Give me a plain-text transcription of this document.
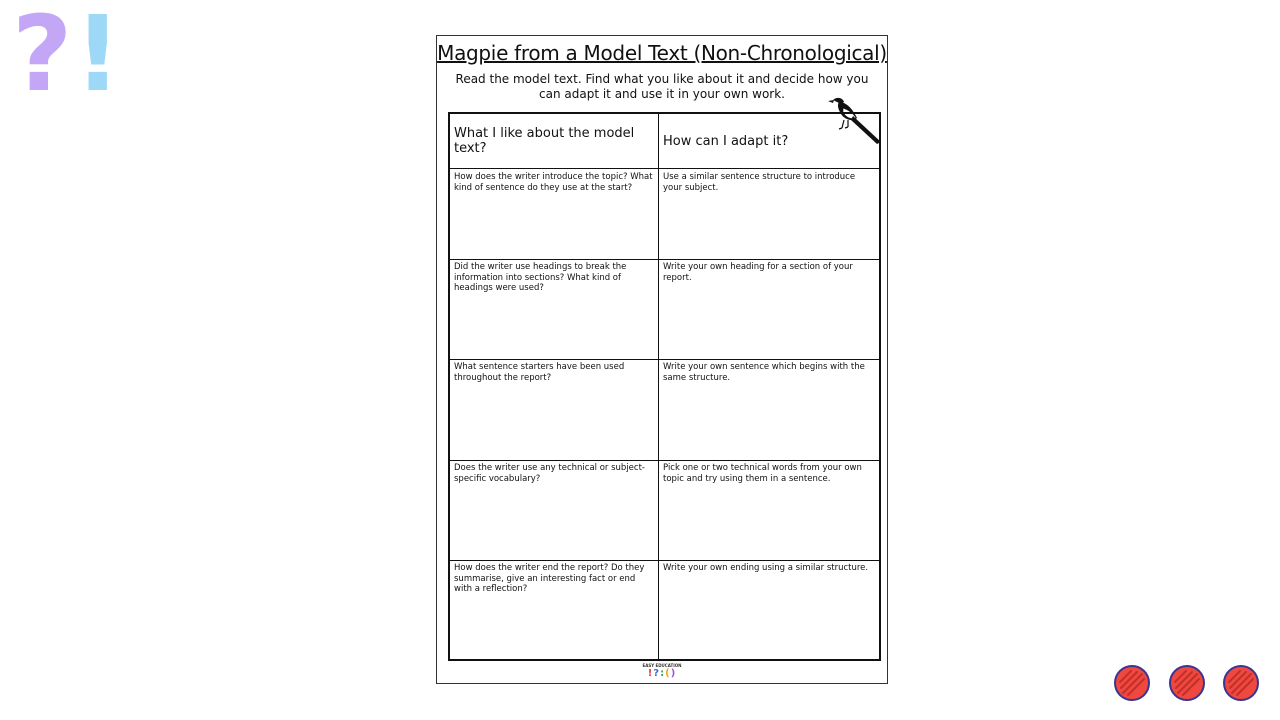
? !	Magpie from a Model Text (Non-Chronological)
Read the model text. Find what you like about it and decide how you can adapt it and use it in your own work.
What I like about the model text?	How can I adapt it?
How does the writer introduce the topic? What kind of sentence do they use at the start?
Use a similar sentence structure to introduce your subject.
Did the writer use headings to break the information into sections? What kind of headings were used?
Write your own heading for a section of your report.
What sentence starters have been used throughout the report?
Write your own sentence which begins with the same structure.
Does the writer use any technical or subject-specific vocabulary?
Pick one or two technical words from your own topic and try using them in a sentence.
How does the writer end the report? Do they summarise, give an interesting fact or end with a reflection?
Write your own ending using a similar structure.
EASY EDUCATION
!?:()
